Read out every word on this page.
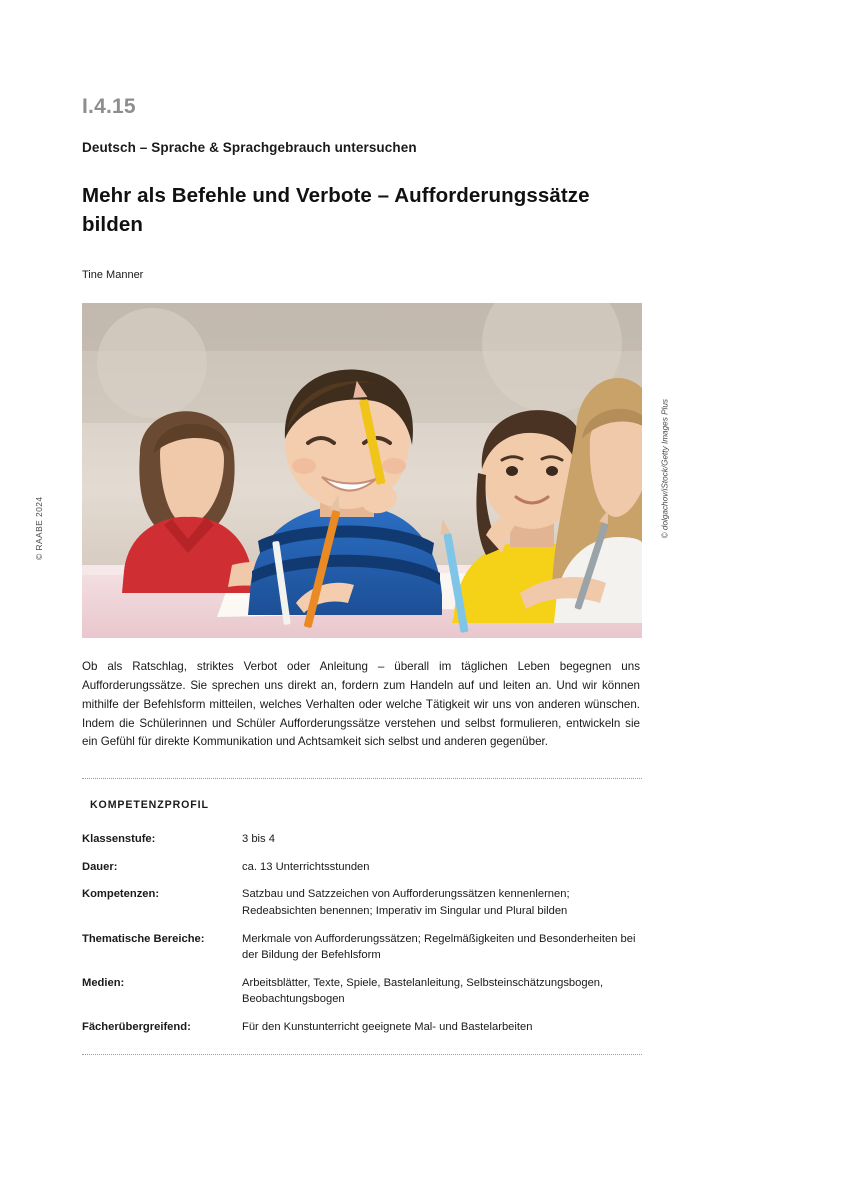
© RAABE 2024
I.4.15
Deutsch – Sprache & Sprachgebrauch untersuchen
Mehr als Befehle und Verbote – Aufforderungssätze bilden
Tine Manner
© dolgachov/iStock/Getty Images Plus

Ob als Ratschlag, striktes Verbot oder Anleitung – überall im täglichen Leben begegnen uns Aufforderungssätze. Sie sprechen uns direkt an, fordern zum Handeln auf und leiten an. Und wir können mithilfe der Befehlsform mitteilen, welches Verhalten oder welche Tätigkeit wir uns von anderen wünschen. Indem die Schülerinnen und Schüler Aufforderungssätze verstehen und selbst formulieren, entwickeln sie ein Gefühl für direkte Kommunikation und Achtsamkeit sich selbst und anderen gegenüber.

KOMPETENZPROFIL
Klassenstufe:	3 bis 4
Dauer:	ca. 13 Unterrichtsstunden
Kompetenzen:	Satzbau und Satzzeichen von Aufforderungssätzen kennenlernen; Redeabsichten benennen; Imperativ im Singular und Plural bilden
Thematische Bereiche:	Merkmale von Aufforderungssätzen; Regelmäßigkeiten und Besonderheiten bei der Bildung der Befehlsform
Medien:	Arbeitsblätter, Texte, Spiele, Bastelanleitung, Selbsteinschätzungsbogen, Beobachtungsbogen
Fächerübergreifend:	Für den Kunstunterricht geeignete Mal- und Bastelarbeiten
